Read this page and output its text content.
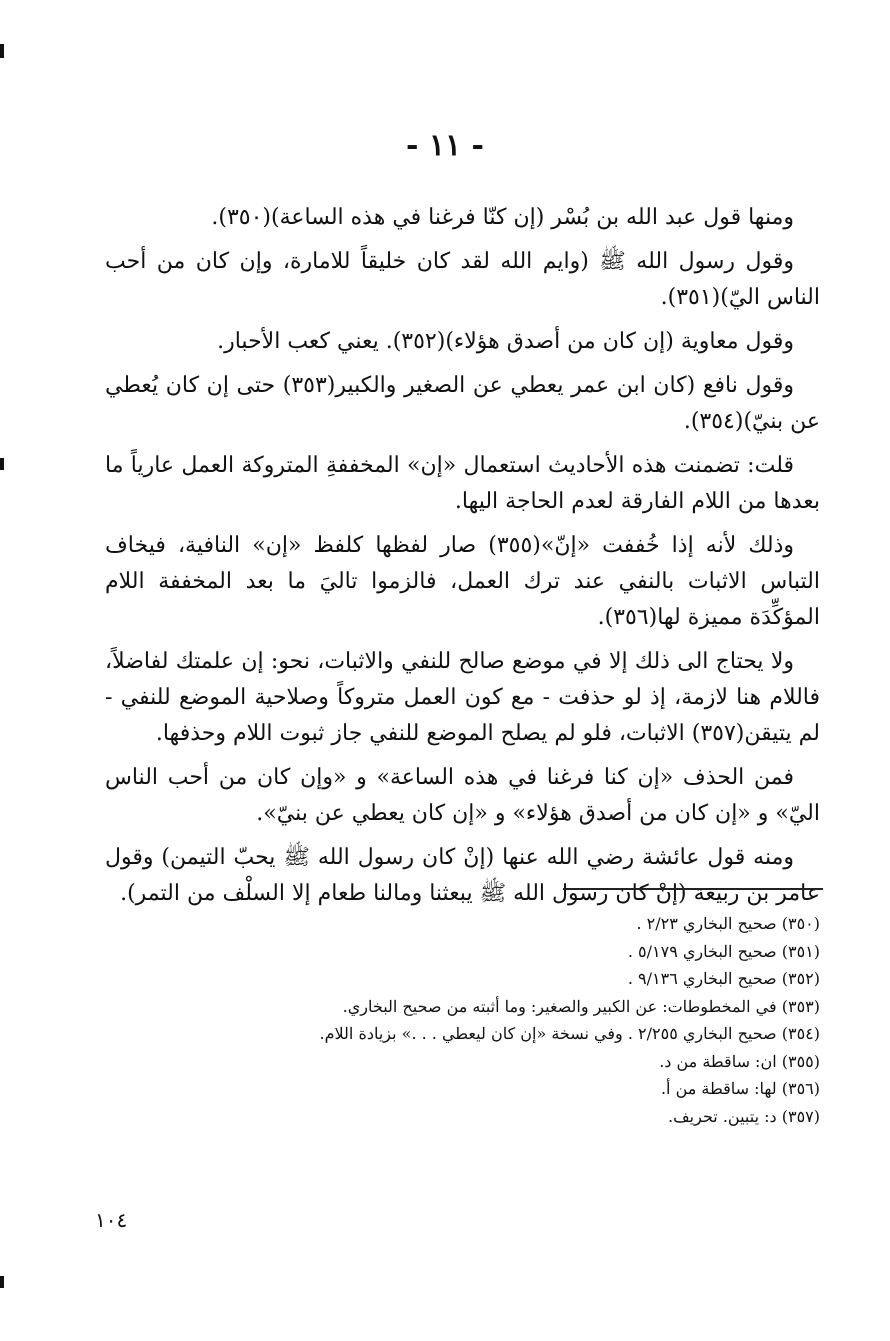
- ١١ -

ومنها قول عبد الله بن بُسْر (إن كنّا فرغنا في هذه الساعة)(٣٥٠).

وقول رسول الله ﷺ (وايم الله لقد كان خليقاً للامارة، وإن كان من أحب الناس اليّ)(٣٥١).

وقول معاوية (إن كان من أصدق هؤلاء)(٣٥٢). يعني كعب الأحبار.

وقول نافع (كان ابن عمر يعطي عن الصغير والكبير(٣٥٣) حتى إن كان يُعطي عن بنيّ)(٣٥٤).

قلت: تضمنت هذه الأحاديث استعمال «إن» المخففةِ المتروكة العمل عارياً ما بعدها من اللام الفارقة لعدم الحاجة اليها.

وذلك لأنه إذا خُففت «إنّ»(٣٥٥) صار لفظها كلفظ «إن» النافية، فيخاف التباس الاثبات بالنفي عند ترك العمل، فالزموا تاليَ ما بعد المخففة اللام المؤكِّدَة مميزة لها(٣٥٦).

ولا يحتاج الى ذلك إلا في موضع صالح للنفي والاثبات، نحو: إن علمتك لفاضلاً، فاللام هنا لازمة، إذ لو حذفت - مع كون العمل متروكاً وصلاحية الموضع للنفي - لم يتيقن(٣٥٧) الاثبات، فلو لم يصلح الموضع للنفي جاز ثبوت اللام وحذفها.

فمن الحذف «إن كنا فرغنا في هذه الساعة» و «وإن كان من أحب الناس اليّ» و «إن كان من أصدق هؤلاء» و «إن كان يعطي عن بنيّ».

ومنه قول عائشة رضي الله عنها (إنْ كان رسول الله ﷺ يحبّ التيمن) وقول عامر بن ربيعة (إنْ كان رسول الله ﷺ يبعثنا ومالنا طعام إلا السلْف من التمر).

(٣٥٠) صحيح البخاري ٢/٢٣ .
(٣٥١) صحيح البخاري ٥/١٧٩ .
(٣٥٢) صحيح البخاري ٩/١٣٦ .
(٣٥٣) في المخطوطات: عن الكبير والصغير: وما أثبته من صحيح البخاري.
(٣٥٤) صحيح البخاري ٢/٢٥٥ . وفي نسخة «إن كان ليعطي . . .» بزيادة اللام.
(٣٥٥) ان: ساقطة من د.
(٣٥٦) لها: ساقطة من أ.
(٣٥٧) د: يتبين. تحريف.
١٠٤
